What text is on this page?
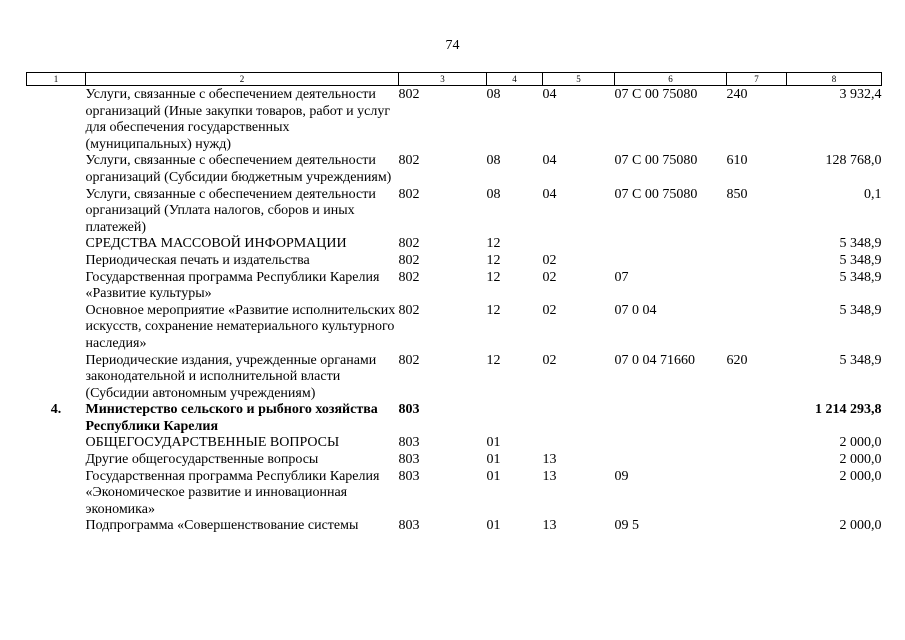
74
1	2	3	4	5	6	7	8
	Услуги, связанные с обеспечением деятельности организаций (Иные закупки товаров, работ и услуг для обеспечения государственных (муниципальных) нужд)	802	08	04	07 С 00 75080	240	3 932,4
	Услуги, связанные с обеспечением деятельности организаций (Субсидии бюджетным учреждениям)	802	08	04	07 С 00 75080	610	128 768,0
	Услуги, связанные с обеспечением деятельности организаций (Уплата налогов, сборов и иных платежей)	802	08	04	07 С 00 75080	850	0,1
	СРЕДСТВА МАССОВОЙ ИНФОРМАЦИИ	802	12				5 348,9
	Периодическая печать и издательства	802	12	02			5 348,9
	Государственная программа Республики Карелия «Развитие культуры»	802	12	02	07		5 348,9
	Основное мероприятие «Развитие исполнительских искусств, сохранение нематериального культурного наследия»	802	12	02	07 0 04		5 348,9
	Периодические издания, учрежденные органами законодательной и исполнительной власти (Субсидии автономным учреждениям)	802	12	02	07 0 04 71660	620	5 348,9
4.	Министерство сельского и рыбного хозяйства Республики Карелия	803					1 214 293,8
	ОБЩЕГОСУДАРСТВЕННЫЕ ВОПРОСЫ	803	01				2 000,0
	Другие общегосударственные вопросы	803	01	13			2 000,0
	Государственная программа Республики Карелия «Экономическое развитие и инновационная экономика»	803	01	13	09		2 000,0
	Подпрограмма «Совершенствование системы	803	01	13	09 5		2 000,0
